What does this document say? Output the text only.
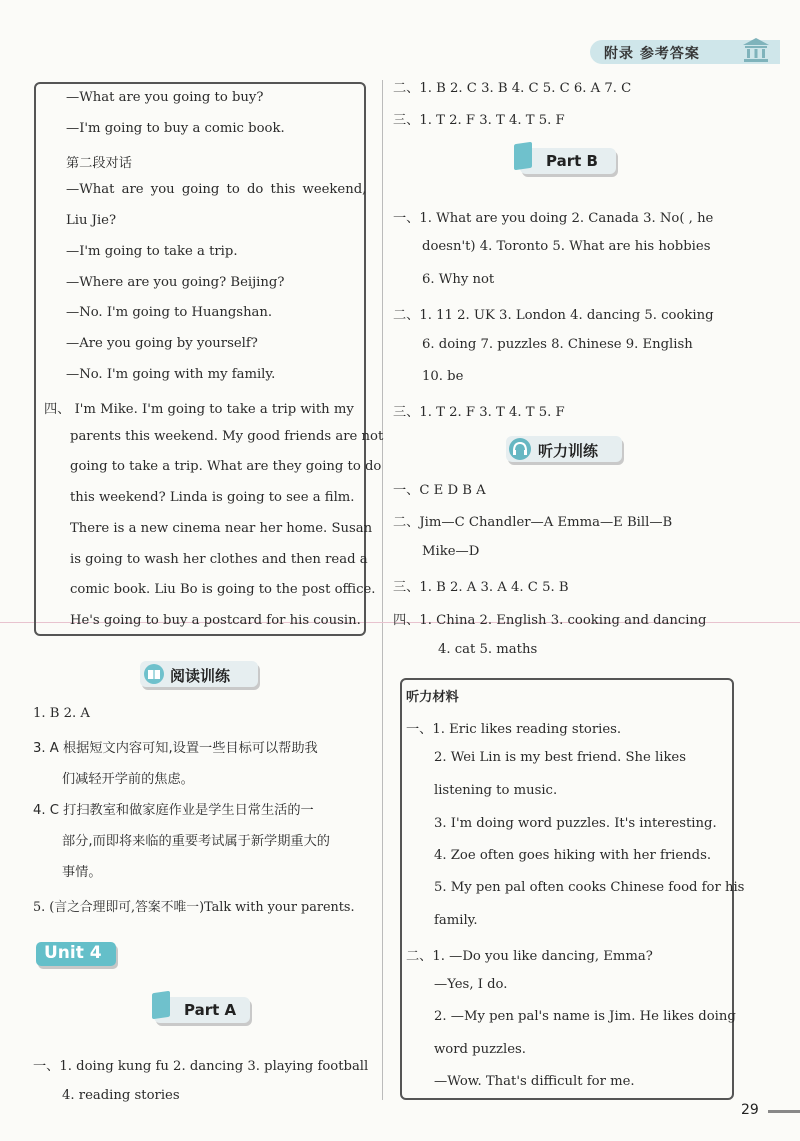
附录 参考答案
—What are you going to buy?
—I'm going to buy a comic book.
第二段对话
—What are you going to do this weekend,
Liu Jie?
—I'm going to take a trip.
—Where are you going? Beijing?
—No. I'm going to Huangshan.
—Are you going by yourself?
—No. I'm going with my family.
四、 I'm Mike. I'm going to take a trip with my
parents this weekend. My good friends are not
going to take a trip. What are they going to do
this weekend? Linda is going to see a film.
There is a new cinema near her home. Susan
is going to wash her clothes and then read a
comic book. Liu Bo is going to the post office.
He's going to buy a postcard for his cousin.
阅读训练
1. B 2. A
3. A 根据短文内容可知,设置一些目标可以帮助我
们减轻开学前的焦虑。
4. C 打扫教室和做家庭作业是学生日常生活的一
部分,而即将来临的重要考试属于新学期重大的
事情。
5. (言之合理即可,答案不唯一)Talk with your parents.
Unit 4
Part A
一、1. doing kung fu 2. dancing 3. playing football
4. reading stories
二、1. B 2. C 3. B 4. C 5. C 6. A 7. C
三、1. T 2. F 3. T 4. T 5. F
Part B
一、1. What are you doing 2. Canada 3. No( , he
doesn't) 4. Toronto 5. What are his hobbies
6. Why not
二、1. 11 2. UK 3. London 4. dancing 5. cooking
6. doing 7. puzzles 8. Chinese 9. English
10. be
三、1. T 2. F 3. T 4. T 5. F
听力训练
一、C E D B A
二、Jim—C Chandler—A Emma—E Bill—B
Mike—D
三、1. B 2. A 3. A 4. C 5. B
四、1. China 2. English 3. cooking and dancing
4. cat 5. maths
听力材料
一、1. Eric likes reading stories.
2. Wei Lin is my best friend. She likes
listening to music.
3. I'm doing word puzzles. It's interesting.
4. Zoe often goes hiking with her friends.
5. My pen pal often cooks Chinese food for his
family.
二、1. —Do you like dancing, Emma?
—Yes, I do.
2. —My pen pal's name is Jim. He likes doing
word puzzles.
—Wow. That's difficult for me.
29
